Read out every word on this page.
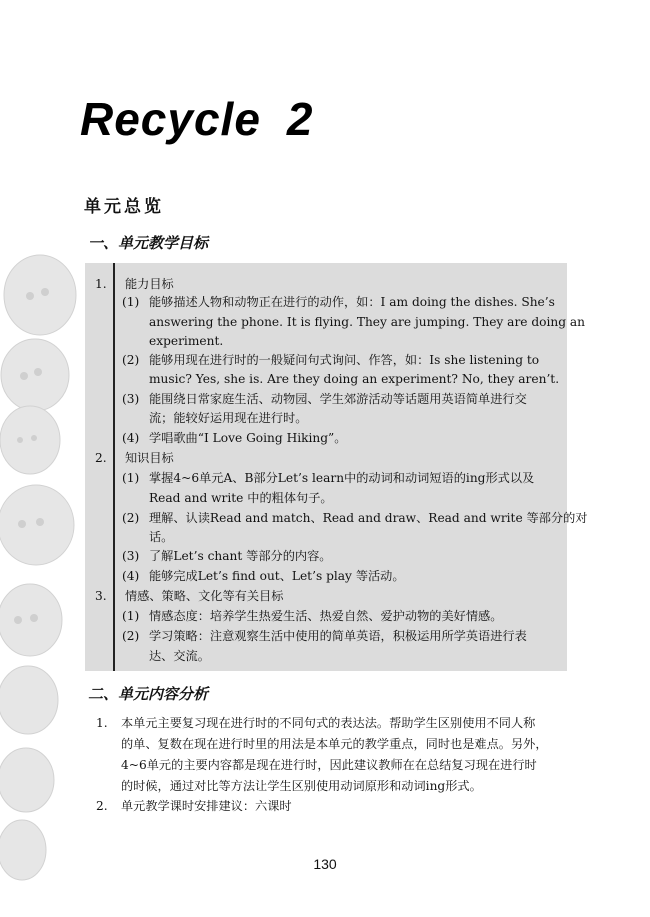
Recycle 2
单元总览
一、单元教学目标
1. 能力目标
(1) 能够描述人物和动物正在进行的动作，如：I am doing the dishes. She’s
answering the phone. It is flying. They are jumping. They are doing an
experiment.
(2) 能够用现在进行时的一般疑问句式询问、作答，如：Is she listening to
music? Yes, she is. Are they doing an experiment? No, they aren’t.
(3) 能围绕日常家庭生活、动物园、学生郊游活动等话题用英语简单进行交
流；能较好运用现在进行时。
(4) 学唱歌曲“I Love Going Hiking”。
2. 知识目标
(1) 掌握4~6单元A、B部分Let’s learn中的动词和动词短语的ing形式以及
Read and write 中的粗体句子。
(2) 理解、认读Read and match、Read and draw、Read and write 等部分的对
话。
(3) 了解Let’s chant 等部分的内容。
(4) 能够完成Let’s find out、Let’s play 等活动。
3. 情感、策略、文化等有关目标
(1) 情感态度：培养学生热爱生活、热爱自然、爱护动物的美好情感。
(2) 学习策略：注意观察生活中使用的简单英语，积极运用所学英语进行表
达、交流。
二、单元内容分析
1. 本单元主要复习现在进行时的不同句式的表达法。帮助学生区别使用不同人称
的单、复数在现在进行时里的用法是本单元的教学重点，同时也是难点。另外，
4~6单元的主要内容都是现在进行时，因此建议教师在在总结复习现在进行时
的时候，通过对比等方法让学生区别使用动词原形和动词ing形式。
2. 单元教学课时安排建议：六课时
130
